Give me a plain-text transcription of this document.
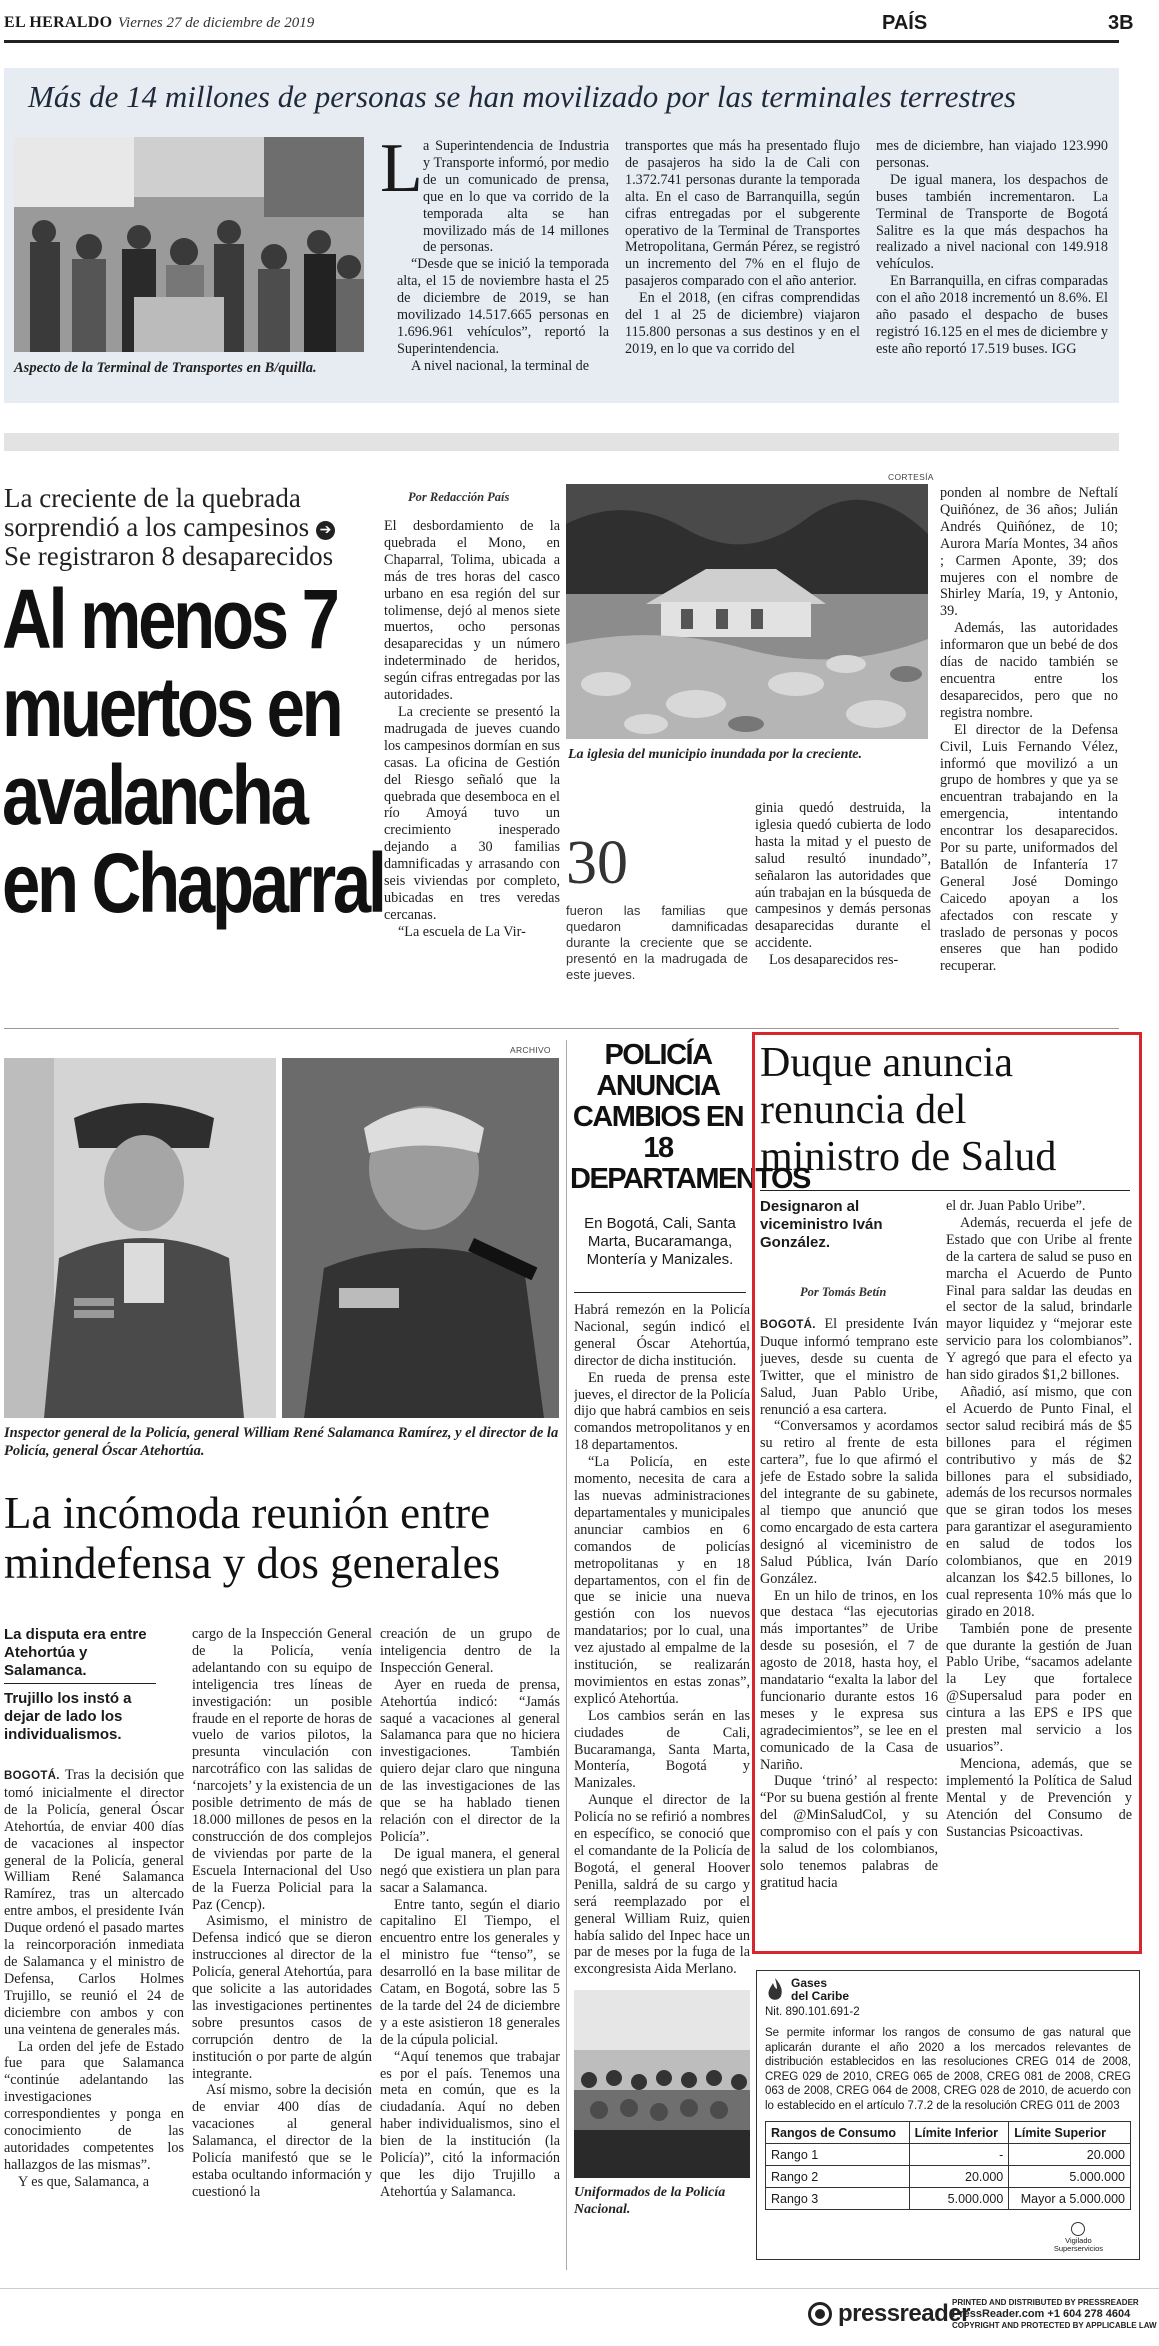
EL HERALDO Viernes 27 de diciembre de 2019	PAÍS	3B
Más de 14 millones de personas se han movilizado por las terminales terrestres
Aspecto de la Terminal de Transportes en B/quilla.
L a Superintendencia de Industria y Transporte informó, por medio de un comunicado de prensa, que en lo que va corrido de la temporada alta se han movilizado más de 14 millones de personas.

“Desde que se inició la temporada alta, el 15 de noviembre hasta el 25 de diciembre de 2019, se han movilizado 14.517.665 personas en 1.696.961 vehículos”, reportó la Superintendencia.

A nivel nacional, la terminal de

transportes que más ha presentado flujo de pasajeros ha sido la de Cali con 1.372.741 personas durante la temporada alta. En el caso de Barranquilla, según cifras entregadas por el subgerente operativo de la Terminal de Transportes Metropolitana, Germán Pérez, se registró un incremento del 7% en el flujo de pasajeros comparado con el año anterior.

En el 2018, (en cifras comprendidas del 1 al 25 de diciembre) viajaron 115.800 personas a sus destinos y en el 2019, en lo que va corrido del

mes de diciembre, han viajado 123.990 personas.

De igual manera, los despachos de buses también incrementaron. La Terminal de Transporte de Bogotá Salitre es la que más despachos ha realizado a nivel nacional con 149.918 vehículos.

En Barranquilla, en cifras comparadas con el año 2018 incrementó un 8.6%. El año pasado el despacho de buses registró 16.125 en el mes de diciembre y este año reportó 17.519 buses. IGG

La creciente de la quebrada
sorprendió a los campesinos ➔
Se registraron 8 desaparecidos
Al menos 7
muertos en
avalancha
en Chaparral
Por Redacción País

El desbordamiento de la quebrada el Mono, en Chaparral, Tolima, ubicada a más de tres horas del casco urbano en esa región del sur tolimense, dejó al menos siete muertos, ocho personas desaparecidas y un número indeterminado de heridos, según cifras entregadas por las autoridades.

La creciente se presentó la madrugada de jueves cuando los campesinos dormían en sus casas. La oficina de Gestión del Riesgo señaló que la quebrada que desemboca en el río Amoyá tuvo un crecimiento inesperado dejando a 30 familias damnificadas y arrasando con seis viviendas por completo, ubicadas en tres veredas cercanas.

“La escuela de La Vir-

CORTESÍA
La iglesia del municipio inundada por la creciente.
30
fueron las familias que quedaron damnificadas durante la creciente que se presentó en la madrugada de este jueves.

ginia quedó destruida, la iglesia quedó cubierta de lodo hasta la mitad y el puesto de salud resultó inundado”, señalaron las autoridades que aún trabajan en la búsqueda de campesinos y demás personas desaparecidas durante el accidente.

Los desaparecidos res-

ponden al nombre de Neftalí Quiñónez, de 36 años; Julián Andrés Quiñónez, de 10; Aurora María Montes, 34 años ; Carmen Aponte, 39; dos mujeres con el nombre de Shirley María, 19, y Antonio, 39.

Además, las autoridades informaron que un bebé de dos días de nacido también se encuentra entre los desaparecidos, pero que no registra nombre.

El director de la Defensa Civil, Luis Fernando Vélez, informó que movilizó a un grupo de hombres y que ya se encuentran trabajando en la emergencia, intentando encontrar los desaparecidos. Por su parte, uniformados del Batallón de Infantería 17 General José Domingo Caicedo apoyan a los afectados con rescate y traslado de personas y pocos enseres que han podido recuperar.

ARCHIVO
Inspector general de la Policía, general William René Salamanca Ramírez, y el director de la Policía, general Óscar Atehortúa.
La incómoda reunión entre
mindefensa y dos generales
La disputa era entre Atehortúa y Salamanca.
Trujillo los instó a dejar de lado los individualismos.

BOGOTÁ. Tras la decisión que tomó inicialmente el director de la Policía, general Óscar Atehortúa, de enviar 400 días de vacaciones al inspector general de la Policía, general William René Salamanca Ramírez, tras un altercado entre ambos, el presidente Iván Duque ordenó el pasado martes la reincorporación inmediata de Salamanca y el ministro de Defensa, Carlos Holmes Trujillo, se reunió el 24 de diciembre con ambos y con una veintena de generales más.

La orden del jefe de Estado fue para que Salamanca “continúe adelantando las investigaciones correspondientes y ponga en conocimiento de las autoridades competentes los hallazgos de las mismas”.

Y es que, Salamanca, a

cargo de la Inspección General de la Policía, venía adelantando con su equipo de inteligencia tres líneas de investigación: un posible fraude en el reporte de horas de vuelo de varios pilotos, la presunta vinculación con narcotráfico con las salidas de ‘narcojets’ y la existencia de un posible detrimento de más de 18.000 millones de pesos en la construcción de dos complejos de viviendas por parte de la Escuela Internacional del Uso de la Fuerza Policial para la Paz (Cencp).

Asimismo, el ministro de Defensa indicó que se dieron instrucciones al director de la Policía, general Atehortúa, para que solicite a las autoridades las investigaciones pertinentes sobre presuntos casos de corrupción dentro de la institución o por parte de algún integrante.

Así mismo, sobre la decisión de enviar 400 días de vacaciones al general Salamanca, el director de la Policía manifestó que se le estaba ocultando información y cuestionó la

creación de un grupo de inteligencia dentro de la Inspección General.

Ayer en rueda de prensa, Atehortúa indicó: “Jamás saqué a vacaciones al general Salamanca para que no hiciera investigaciones. También quiero dejar claro que ninguna de las investigaciones de las que se ha hablado tienen relación con el director de la Policía”.

De igual manera, el general negó que existiera un plan para sacar a Salamanca.

Entre tanto, según el diario capitalino El Tiempo, el encuentro entre los generales y el ministro fue “tenso”, se desarrolló en la base militar de Catam, en Bogotá, sobre las 5 de la tarde del 24 de diciembre y a este asistieron 18 generales de la cúpula policial.

“Aquí tenemos que trabajar es por el país. Tenemos una meta en común, que es la ciudadanía. Aquí no deben haber individualismos, sino el bien de la institución (la Policía)”, citó la información que les dijo Trujillo a Atehortúa y Salamanca.

POLICÍA
ANUNCIA
CAMBIOS EN 18
DEPARTAMENTOS
En Bogotá, Cali, Santa Marta, Bucaramanga, Montería y Manizales.

Habrá remezón en la Policía Nacional, según indicó el general Óscar Atehortúa, director de dicha institución.

En rueda de prensa este jueves, el director de la Policía dijo que habrá cambios en seis comandos metropolitanos y en 18 departamentos.

“La Policía, en este momento, necesita de cara a las nuevas administraciones departamentales y municipales anunciar cambios en 6 comandos de policías metropolitanas y en 18 departamentos, con el fin de que se inicie una nueva gestión con los nuevos mandatarios; por lo cual, una vez ajustado al empalme de la institución, se realizarán movimientos en estas zonas”, explicó Atehortúa.

Los cambios serán en las ciudades de Cali, Bucaramanga, Santa Marta, Montería, Bogotá y Manizales.

Aunque el director de la Policía no se refirió a nombres en específico, se conoció que el comandante de la Policía de Bogotá, el general Hoover Penilla, saldrá de su cargo y será reemplazado por el general William Ruiz, quien había salido del Inpec hace un par de meses por la fuga de la excongresista Aida Merlano.

Uniformados de la Policía Nacional.
Duque anuncia
renuncia del
ministro de Salud
Designaron al viceministro Iván González.
Por Tomás Betín

BOGOTÁ. El presidente Iván Duque informó temprano este jueves, desde su cuenta de Twitter, que el ministro de Salud, Juan Pablo Uribe, renunció a esa cartera.

“Conversamos y acordamos su retiro al frente de esta cartera”, fue lo que afirmó el jefe de Estado sobre la salida del integrante de su gabinete, al tiempo que anunció que como encargado de esta cartera designó al viceministro de Salud Pública, Iván Darío González.

En un hilo de trinos, en los que destaca “las ejecutorias más importantes” de Uribe desde su posesión, el 7 de agosto de 2018, hasta hoy, el mandatario “exalta la labor del funcionario durante estos 16 meses y le expresa sus agradecimientos”, se lee en el comunicado de la Casa de Nariño.

Duque ‘trinó’ al respecto: “Por su buena gestión al frente del @MinSaludCol, y su compromiso con el país y con la salud de los colombianos, solo tenemos palabras de gratitud hacia

el dr. Juan Pablo Uribe”.

Además, recuerda el jefe de Estado que con Uribe al frente de la cartera de salud se puso en marcha el Acuerdo de Punto Final para saldar las deudas en el sector de la salud, brindarle mayor liquidez y “mejorar este servicio para los colombianos”. Y agregó que para el efecto ya han sido girados $1,2 billones.

Añadió, así mismo, que con el Acuerdo de Punto Final, el sector salud recibirá más de $5 billones para el régimen contributivo y más de $2 billones para el subsidiado, además de los recursos normales que se giran todos los meses para garantizar el aseguramiento en salud de todos los colombianos, que en 2019 alcanzan los $42.5 billones, lo cual representa 10% más que lo girado en 2018.

También pone de presente que durante la gestión de Juan Pablo Uribe, “sacamos adelante la Ley que fortalece @Supersalud para poder en cintura a las EPS e IPS que presten mal servicio a los usuarios”.

Menciona, además, que se implementó la Política de Salud Mental y de Prevención y Atención del Consumo de Sustancias Psicoactivas.

Gases
del Caribe
Nit. 890.101.691-2
Se permite informar los rangos de consumo de gas natural que aplicarán durante el año 2020 a los mercados relevantes de distribución establecidos en las resoluciones CREG 014 de 2008, CREG 029 de 2010, CREG 065 de 2008, CREG 081 de 2008, CREG 063 de 2008, CREG 064 de 2008, CREG 028 de 2010, de acuerdo con lo establecido en el artículo 7.7.2 de la resolución CREG 011 de 2003
Rangos de Consumo	Límite Inferior	Límite Superior
Rango 1	-	20.000
Rango 2	20.000	5.000.000
Rango 3	5.000.000	Mayor a 5.000.000
Vigilado
Superservicios
pressreader
PRINTED AND DISTRIBUTED BY PRESSREADER
PressReader.com +1 604 278 4604
COPYRIGHT AND PROTECTED BY APPLICABLE LAW
